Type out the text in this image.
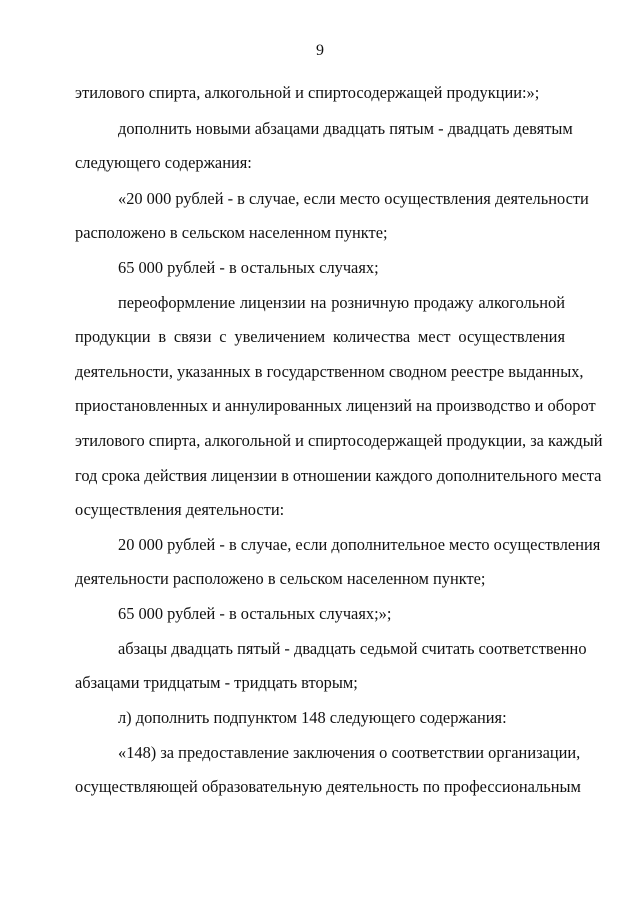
9
этилового спирта, алкогольной и спиртосодержащей продукции:»;
дополнить новыми абзацами двадцать пятым - двадцать девятым
следующего содержания:
«20 000 рублей - в случае, если место осуществления деятельности
расположено в сельском населенном пункте;
65 000 рублей - в остальных случаях;
переоформление лицензии на розничную продажу алкогольной
продукции в связи с увеличением количества мест осуществления
деятельности, указанных в государственном сводном реестре выданных,
приостановленных и аннулированных лицензий на производство и оборот
этилового спирта, алкогольной и спиртосодержащей продукции, за каждый
год срока действия лицензии в отношении каждого дополнительного места
осуществления деятельности:
20 000 рублей - в случае, если дополнительное место осуществления
деятельности расположено в сельском населенном пункте;
65 000 рублей - в остальных случаях;»;
абзацы двадцать пятый - двадцать седьмой считать соответственно
абзацами тридцатым - тридцать вторым;
л) дополнить подпунктом 148 следующего содержания:
«148) за предоставление заключения о соответствии организации,
осуществляющей образовательную деятельность по профессиональным
